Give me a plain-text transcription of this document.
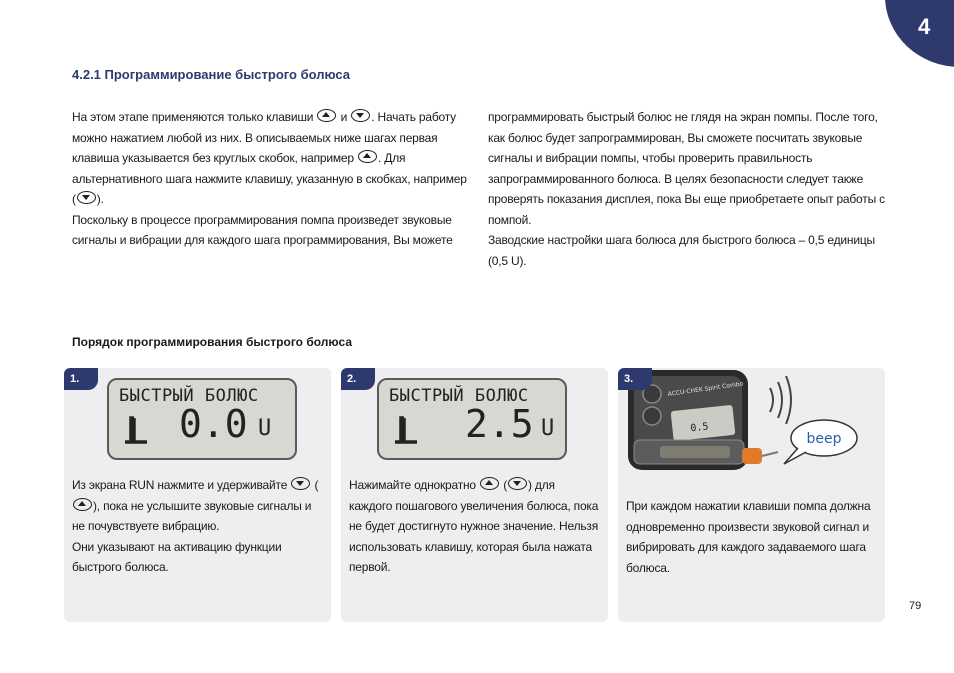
4
4.2.1 Программирование быстрого болюса

На этом этапе применяются только клавиши и . Начать работу можно нажатием любой из них. В описываемых ниже шагах первая клавиша указывается без круглых скобок, например . Для альтернативного шага нажмите клавишу, указанную в скобках, например ( ).

Поскольку в процессе программирования помпа произведет звуковые сигналы и вибрации для каждого шага программирования, Вы можете

программировать быстрый болюс не глядя на экран помпы. После того, как болюс будет запрограммирован, Вы сможете посчитать звуковые сигналы и вибрации помпы, чтобы проверить правильность запрограммированного болюса. В целях безопасности следует также проверять показания дисплея, пока Вы еще приобретаете опыт работы с помпой.

Заводские настройки шага болюса для быстрого болюса – 0,5 единицы (0,5 U).

Порядок программирования быстрого болюса
1.
БЫСТРЫЙ БОЛЮС
0.0 U

Из экрана RUN нажмите и удерживайте (), пока не услышите звуковые сигналы и не почувствуете вибрацию.

Они указывают на активацию функции быстрого болюса.

2.
БЫСТРЫЙ БОЛЮС
2.5 U

Нажимайте однократно ( ) для каждого пошагового увеличения болюса, пока не будет достигнуто нужное значение. Нельзя использовать клавишу, которая была нажата первой.

ACCU-CHEK Spirit Combo
0.5
beep
3.

При каждом нажатии клавиши помпа должна одновременно произвести звуковой сигнал и вибрировать для каждого задаваемого шага болюса.

79
